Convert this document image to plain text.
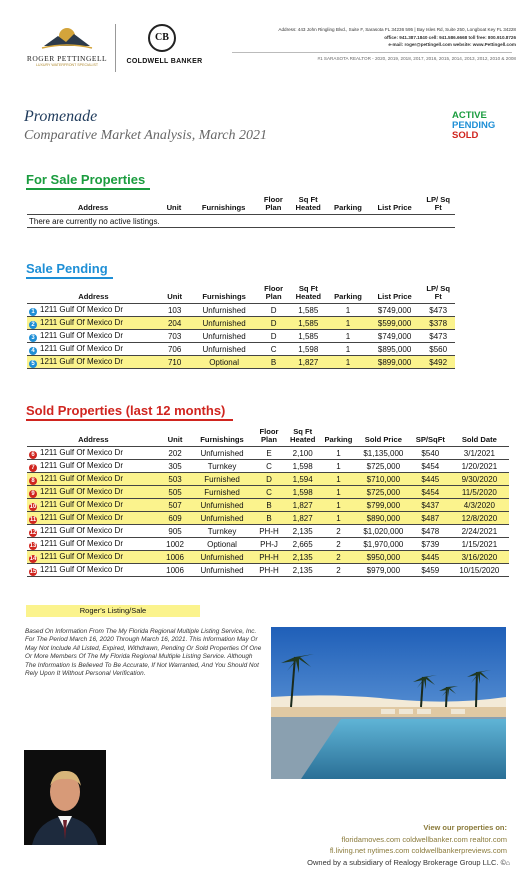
ROGER PETTINGELL
LUXURY WATERFRONT SPECIALIST
CB
COLDWELL BANKER
Address: 443 John Ringling Blvd., Suite F, Sarasota FL 34236 595 | Bay Isles Rd, Suite 250, Longboat Key FL 34228
office: 941.387.1840 cell: 941.586.6668 toll free: 800.910.8726
e-mail: roger@pettingell.com website: www.Pettingell.com
#1 SARASOTA REALTOR - 2020, 2019, 2018, 2017, 2016, 2015, 2014, 2013, 2012, 2010 & 2008
Promenade
Comparative Market Analysis, March 2021
ACTIVE
PENDING
SOLD
For Sale Properties
Address	Unit	Furnishings	Floor Plan	Sq Ft Heated	Parking	List Price	LP/ Sq Ft
There are currently no active listings.
Sale Pending
Address	Unit	Furnishings	Floor Plan	Sq Ft Heated	Parking	List Price	LP/ Sq Ft
1 1211 Gulf Of Mexico Dr	103	Unfurnished	D	1,585	1	$749,000	$473
2 1211 Gulf Of Mexico Dr	204	Unfurnished	D	1,585	1	$599,000	$378
3 1211 Gulf Of Mexico Dr	703	Unfurnished	D	1,585	1	$749,000	$473
4 1211 Gulf Of Mexico Dr	706	Unfurnished	C	1,598	1	$895,000	$560
5 1211 Gulf Of Mexico Dr	710	Optional	B	1,827	1	$899,000	$492
Sold Properties (last 12 months)
Address	Unit	Furnishings	Floor Plan	Sq Ft Heated	Parking	Sold Price	SP/SqFt	Sold Date
6 1211 Gulf Of Mexico Dr	202	Unfurnished	E	2,100	1	$1,135,000	$540	3/1/2021
7 1211 Gulf Of Mexico Dr	305	Turnkey	C	1,598	1	$725,000	$454	1/20/2021
8 1211 Gulf Of Mexico Dr	503	Furnished	D	1,594	1	$710,000	$445	9/30/2020
9 1211 Gulf Of Mexico Dr	505	Furnished	C	1,598	1	$725,000	$454	11/5/2020
10 1211 Gulf Of Mexico Dr	507	Unfurnished	B	1,827	1	$799,000	$437	4/3/2020
11 1211 Gulf Of Mexico Dr	609	Unfurnished	B	1,827	1	$890,000	$487	12/8/2020
12 1211 Gulf Of Mexico Dr	905	Turnkey	PH-H	2,135	2	$1,020,000	$478	2/24/2021
13 1211 Gulf Of Mexico Dr	1002	Optional	PH-J	2,665	2	$1,970,000	$739	1/15/2021
14 1211 Gulf Of Mexico Dr	1006	Unfurnished	PH-H	2,135	2	$950,000	$445	3/16/2020
15 1211 Gulf Of Mexico Dr	1006	Unfurnished	PH-H	2,135	2	$979,000	$459	10/15/2020
Roger's Listing/Sale
Based On Information From The My Florida Regional Multiple Listing Service, Inc. For The Period March 16, 2020 Through March 16, 2021. This Information May Or May Not Include All Listed, Expired, Withdrawn, Pending Or Sold Properties Of One Or More Members Of The My Florida Regional Multiple Listing Service. Although The Information Is Believed To Be Accurate, If Not Warranted, And You Should Not Rely Upon It Without Personal Verification.
View our properties on:
floridamoves.com coldwellbanker.com realtor.com
fl.living.net nytimes.com coldwellbankerpreviews.com
Owned by a subsidiary of Realogy Brokerage Group LLC. ©⌂
